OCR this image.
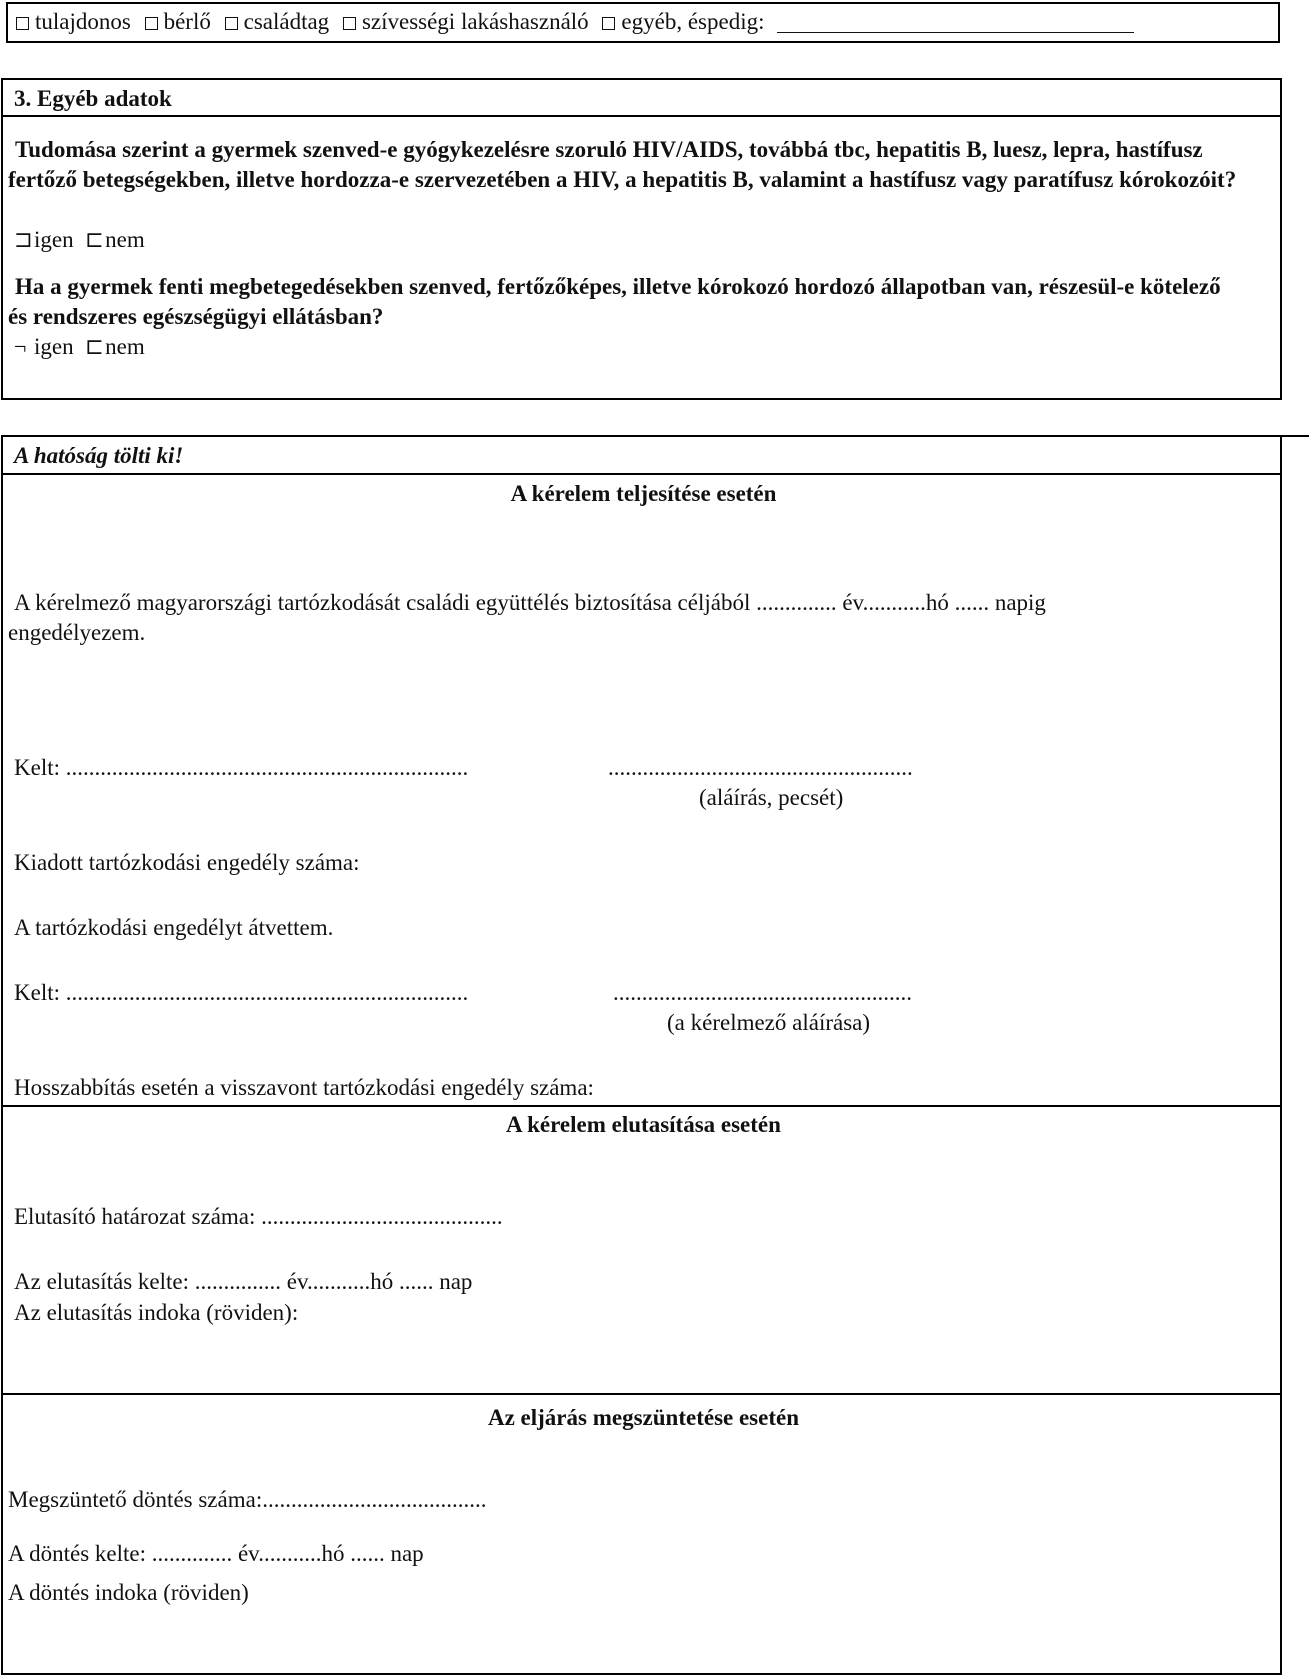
tulajdonos bérlő családtag szívességi lakáshasználó egyéb, éspedig:
3. Egyéb adatok
Tudomása szerint a gyermek szenved-e gyógykezelésre szoruló HIV/AIDS, továbbá tbc, hepatitis B, luesz, lepra, hastífusz fertőző betegségekben, illetve hordozza-e szervezetében a HIV, a hepatitis B, valamint a hastífusz vagy paratífusz kórokozóit?
⊐igen ⊏nem
Ha a gyermek fenti megbetegedésekben szenved, fertőzőképes, illetve kórokozó hordozó állapotban van, részesül-e kötelező és rendszeres egészségügyi ellátásban?
¬ igen ⊏nem
A hatóság tölti ki!
A kérelem teljesítése esetén
A kérelmező magyarországi tartózkodását családi együttélés biztosítása céljából .............. év...........hó ...... napig
engedélyezem.
Kelt: ......................................................................	.....................................................
(aláírás, pecsét)
Kiadott tartózkodási engedély száma:
A tartózkodási engedélyt átvettem.
Kelt: ......................................................................	....................................................
(a kérelmező aláírása)
Hosszabbítás esetén a visszavont tartózkodási engedély száma:
A kérelem elutasítása esetén
Elutasító határozat száma: ..........................................
Az elutasítás kelte: ............... év...........hó ...... nap
Az elutasítás indoka (röviden):
Az eljárás megszüntetése esetén
Megszüntető döntés száma:.......................................
A döntés kelte: .............. év...........hó ...... nap
A döntés indoka (röviden)
